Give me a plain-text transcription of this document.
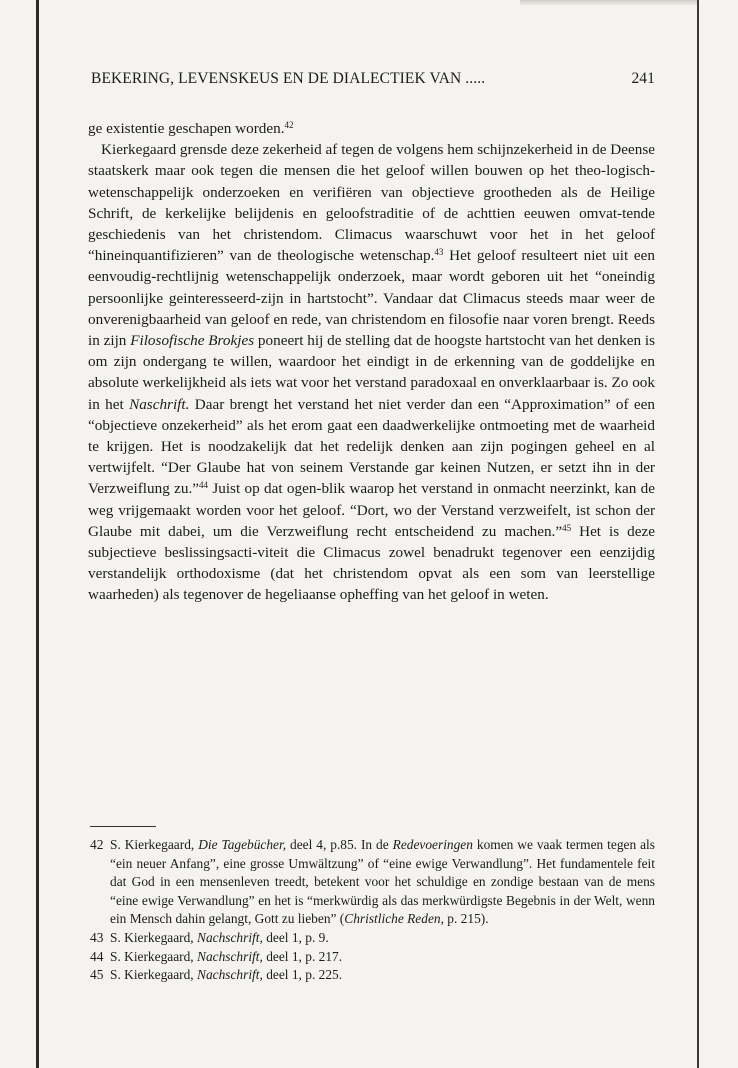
BEKERING, LEVENSKEUS EN DE DIALECTIEK VAN .....	241

ge existentie geschapen worden.$^{42}$

Kierkegaard grensde deze zekerheid af tegen de volgens hem schijnzekerheid in de Deense staatskerk maar ook tegen die mensen die het geloof willen bouwen op het theo-logisch-wetenschappelijk onderzoeken en verifiëren van objectieve grootheden als de Heilige Schrift, de kerkelijke belijdenis en geloofstraditie of de achttien eeuwen omvat-tende geschiedenis van het christendom. Climacus waarschuwt voor het in het geloof “hineinquantifizieren” van de theologische wetenschap.$^{43}$ Het geloof resulteert niet uit een eenvoudig-rechtlijnig wetenschappelijk onderzoek, maar wordt geboren uit het “oneindig persoonlijke geinteresseerd-zijn in hartstocht”. Vandaar dat Climacus steeds maar weer de onverenigbaarheid van geloof en rede, van christendom en filosofie naar voren brengt. Reeds in zijn Filosofische Brokjes poneert hij de stelling dat de hoogste hartstocht van het denken is om zijn ondergang te willen, waardoor het eindigt in de erkenning van de goddelijke en absolute werkelijkheid als iets wat voor het verstand paradoxaal en onverklaarbaar is. Zo ook in het Naschrift. Daar brengt het verstand het niet verder dan een “Approximation” of een “objectieve onzekerheid” als het erom gaat een daadwerkelijke ontmoeting met de waarheid te krijgen. Het is noodzakelijk dat het redelijk denken aan zijn pogingen geheel en al vertwijfelt. “Der Glaube hat von seinem Verstande gar keinen Nutzen, er setzt ihn in der Verzweiflung zu.”$^{44}$ Juist op dat ogen-blik waarop het verstand in onmacht neerzinkt, kan de weg vrijgemaakt worden voor het geloof. “Dort, wo der Verstand verzweifelt, ist schon der Glaube mit dabei, um die Verzweiflung recht entscheidend zu machen.”$^{45}$ Het is deze subjectieve beslissingsacti-viteit die Climacus zowel benadrukt tegenover een eenzijdig verstandelijk orthodoxisme (dat het christendom opvat als een som van leerstellige waarheden) als tegenover de hegeliaanse opheffing van het geloof in weten.

42 S. Kierkegaard, Die Tagebücher, deel 4, p.85. In de Redevoeringen komen we vaak termen tegen als “ein neuer Anfang”, eine grosse Umwältzung” of “eine ewige Verwandlung”. Het fundamentele feit dat God in een mensenleven treedt, betekent voor het schuldige en zondige bestaan van de mens “eine ewige Verwandlung” en het is “merkwürdig als das merkwürdigste Begebnis in der Welt, wenn ein Mensch dahin gelangt, Gott zu lieben” (Christliche Reden, p. 215).
43 S. Kierkegaard, Nachschrift, deel 1, p. 9.
44 S. Kierkegaard, Nachschrift, deel 1, p. 217.
45 S. Kierkegaard, Nachschrift, deel 1, p. 225.
